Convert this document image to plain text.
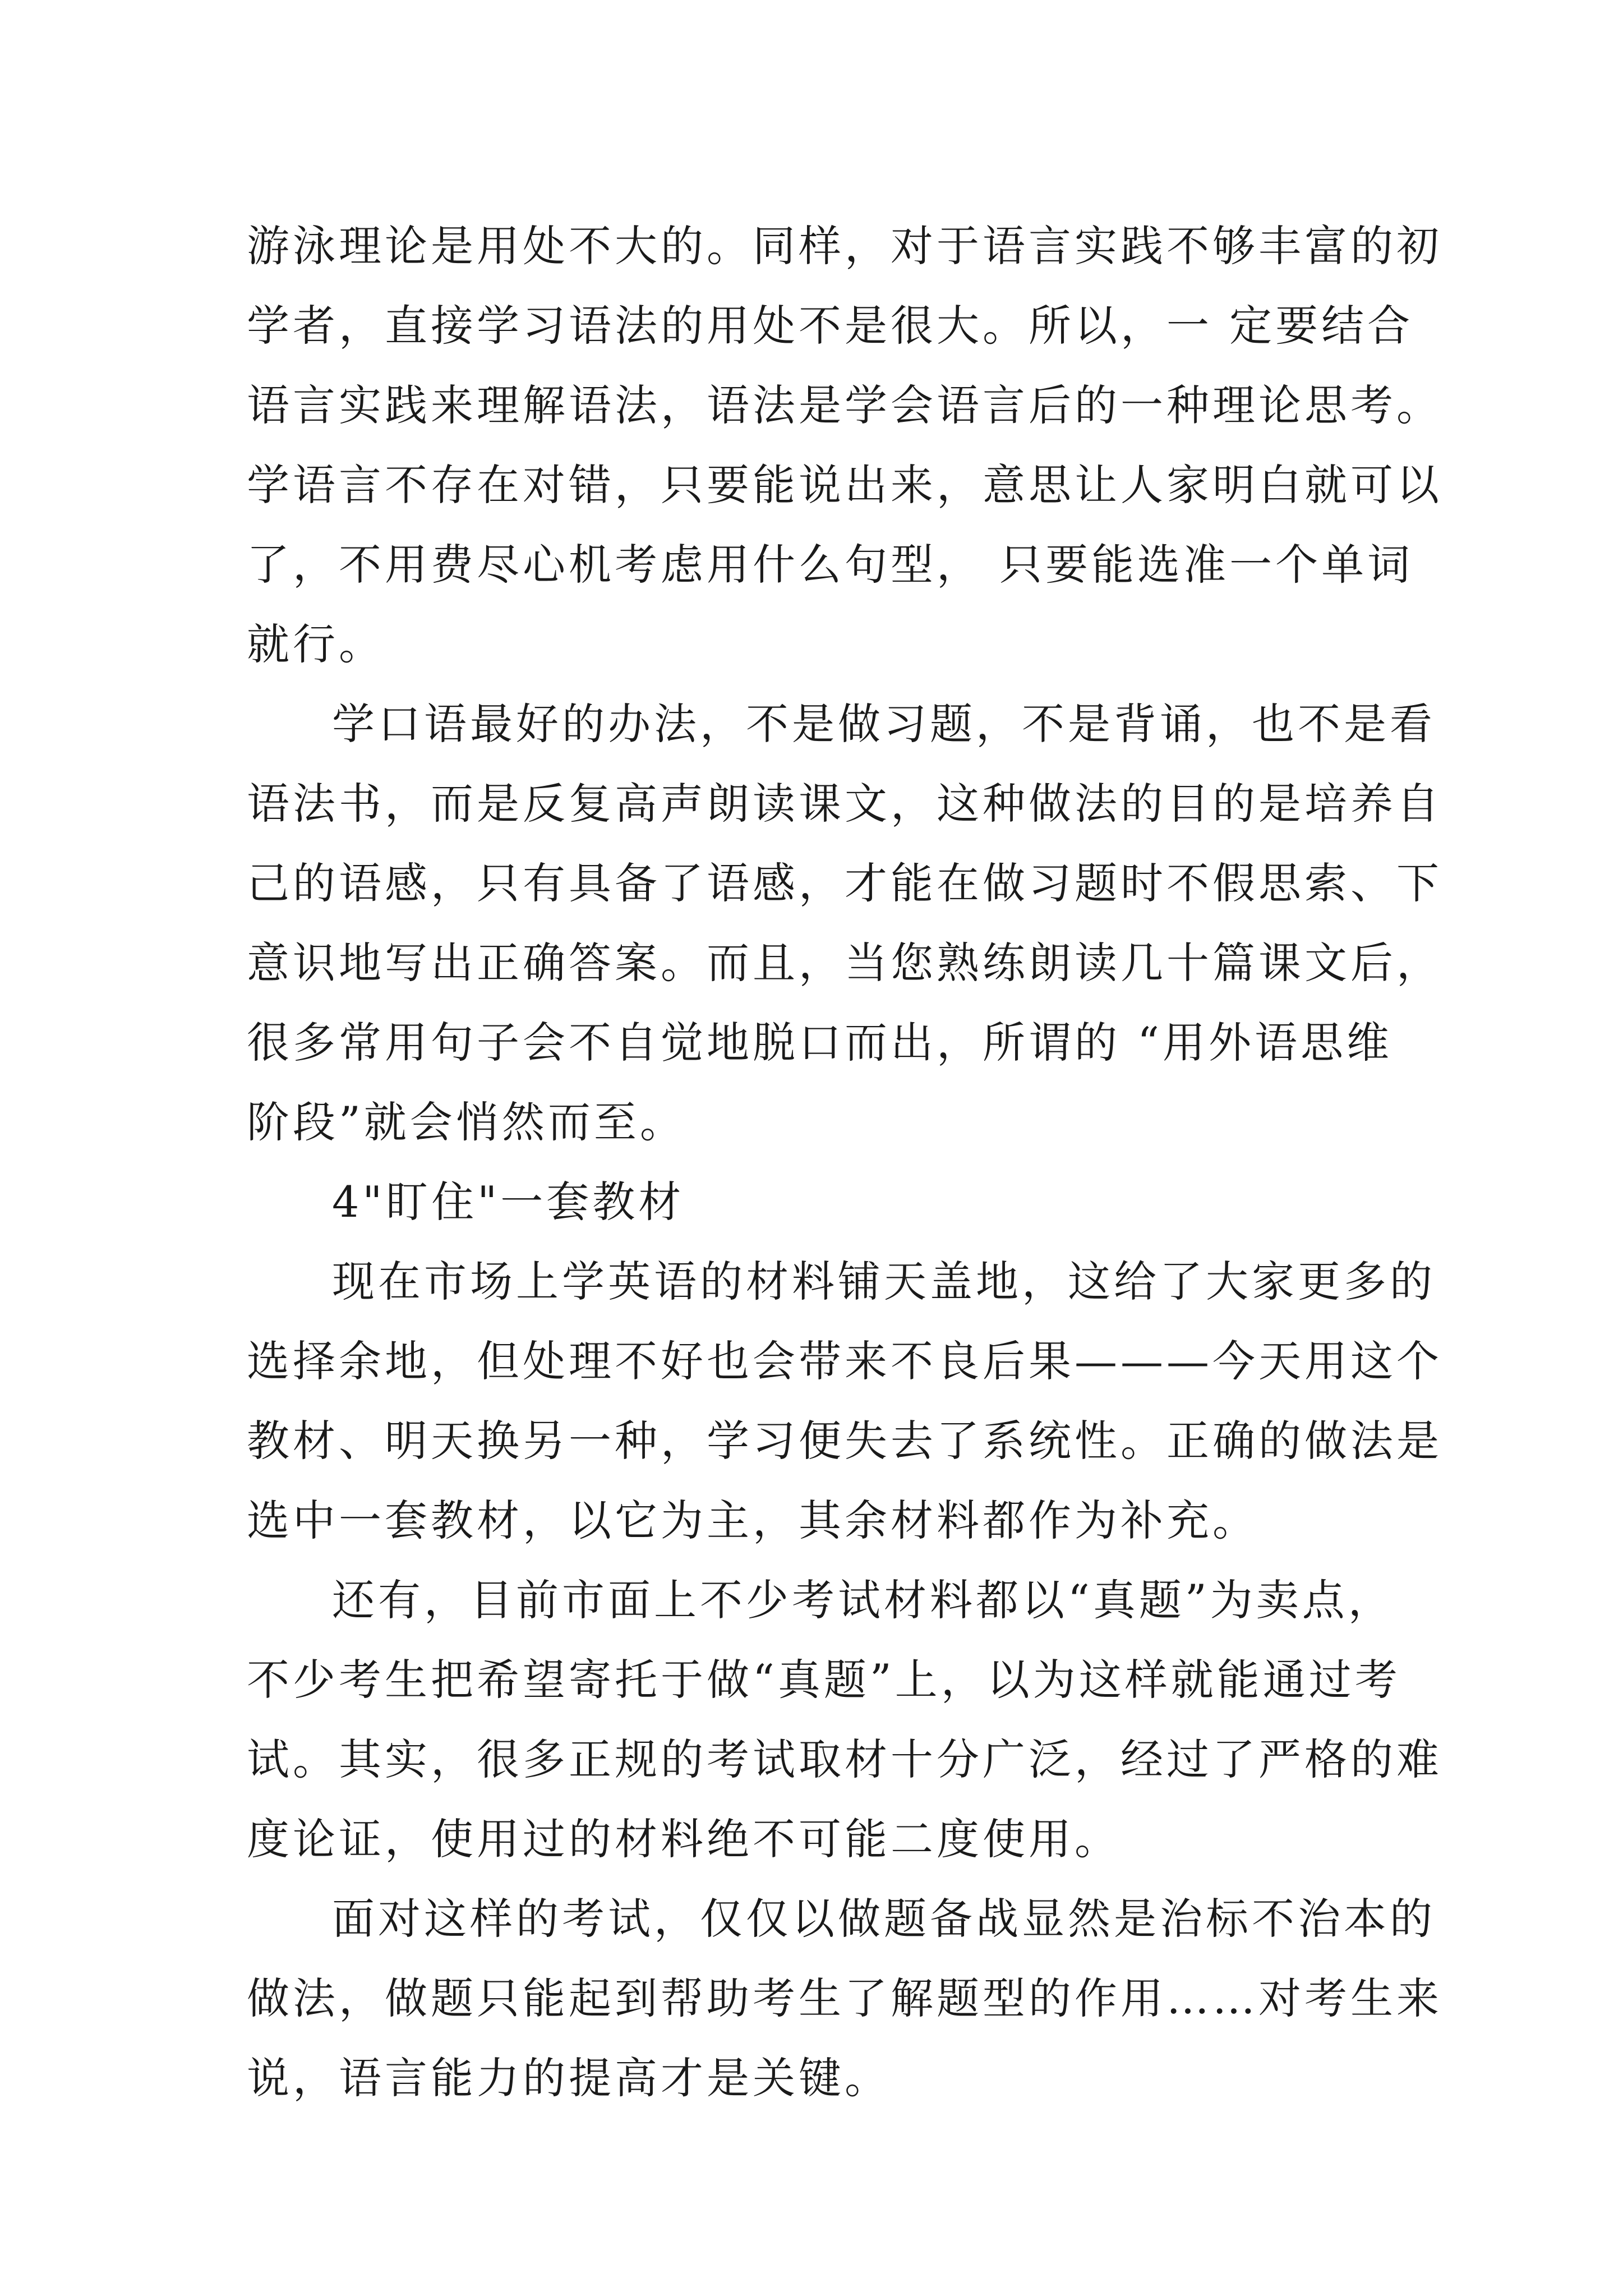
游泳理论是用处不大的。同样，对于语言实践不够丰富的初
学者，直接学习语法的用处不是很大。所以，一 定要结合
语言实践来理解语法，语法是学会语言后的一种理论思考。
学语言不存在对错，只要能说出来，意思让人家明白就可以
了，不用费尽心机考虑用什么句型， 只要能选准一个单词
就行。
学口语最好的办法，不是做习题，不是背诵，也不是看
语法书，而是反复高声朗读课文，这种做法的目的是培养自
己的语感，只有具备了语感，才能在做习题时不假思索、下
意识地写出正确答案。而且，当您熟练朗读几十篇课文后，
很多常用句子会不自觉地脱口而出，所谓的 “用外语思维
阶段”就会悄然而至。
4"盯住"一套教材
现在市场上学英语的材料铺天盖地，这给了大家更多的
选择余地，但处理不好也会带来不良后果———今天用这个
教材、明天换另一种，学习便失去了系统性。正确的做法是
选中一套教材，以它为主，其余材料都作为补充。
还有，目前市面上不少考试材料都以“真题”为卖点，
不少考生把希望寄托于做“真题”上，以为这样就能通过考
试。其实，很多正规的考试取材十分广泛，经过了严格的难
度论证，使用过的材料绝不可能二度使用。
面对这样的考试，仅仅以做题备战显然是治标不治本的
做法，做题只能起到帮助考生了解题型的作用……对考生来
说，语言能力的提高才是关键。
